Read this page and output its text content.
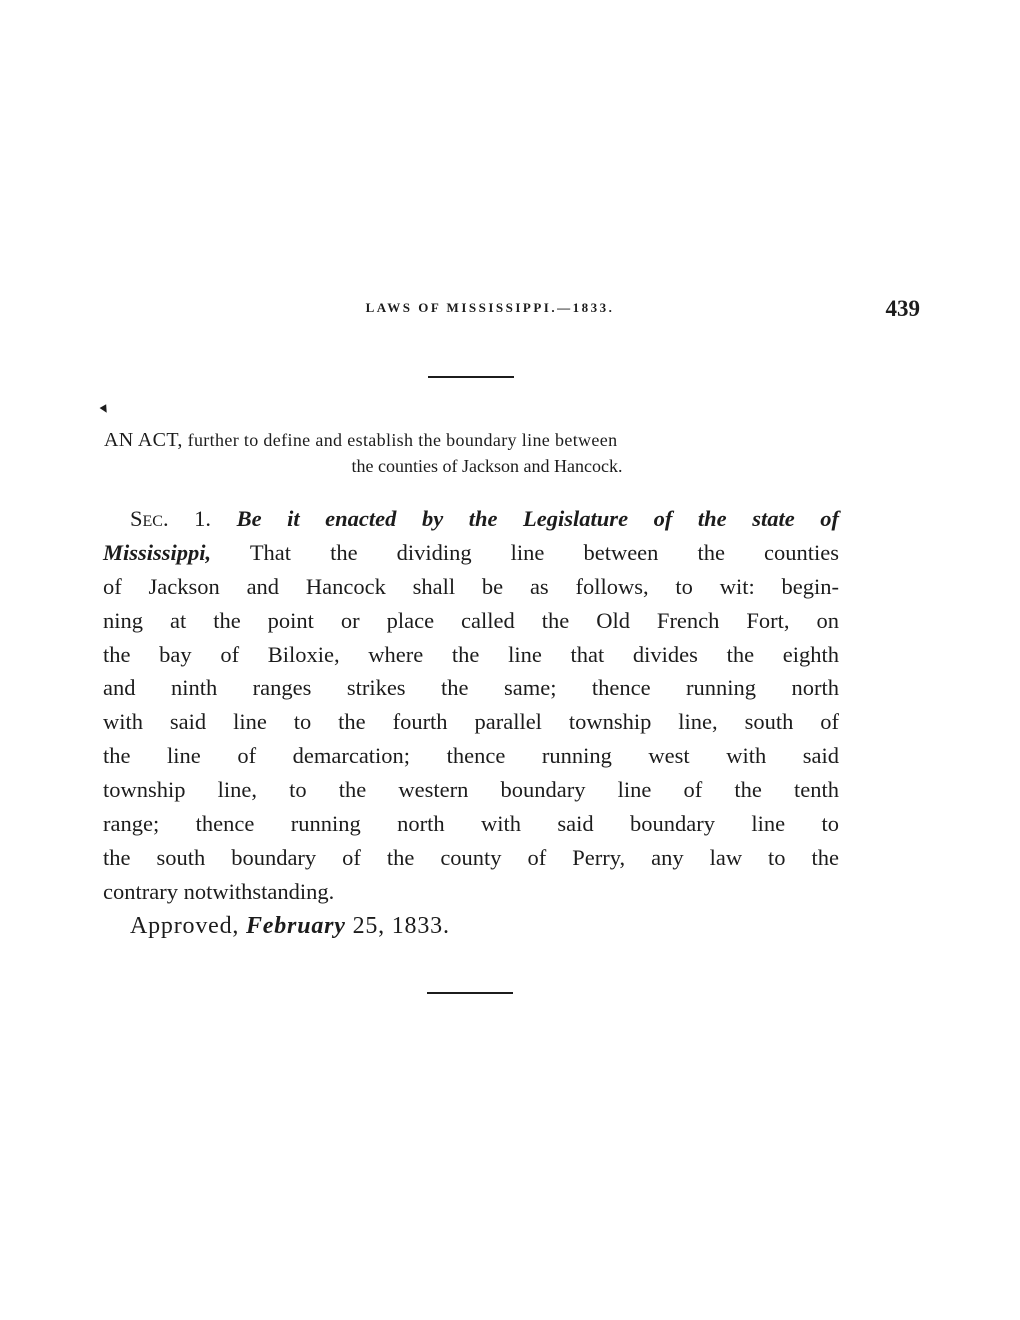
LAWS OF MISSISSIPPI.—1833.	439
▼
AN ACT, further to define and establish the boundary line between
the counties of Jackson and Hancock.
Sec. 1. Be it enacted by the Legislature of the state of
Mississippi, That the dividing line between the counties
of Jackson and Hancock shall be as follows, to wit: begin-
ning at the point or place called the Old French Fort, on
the bay of Biloxie, where the line that divides the eighth
and ninth ranges strikes the same; thence running north
with said line to the fourth parallel township line, south of
the line of demarcation; thence running west with said
township line, to the western boundary line of the tenth
range; thence running north with said boundary line to
the south boundary of the county of Perry, any law to the
contrary notwithstanding.
Approved, February 25, 1833.
